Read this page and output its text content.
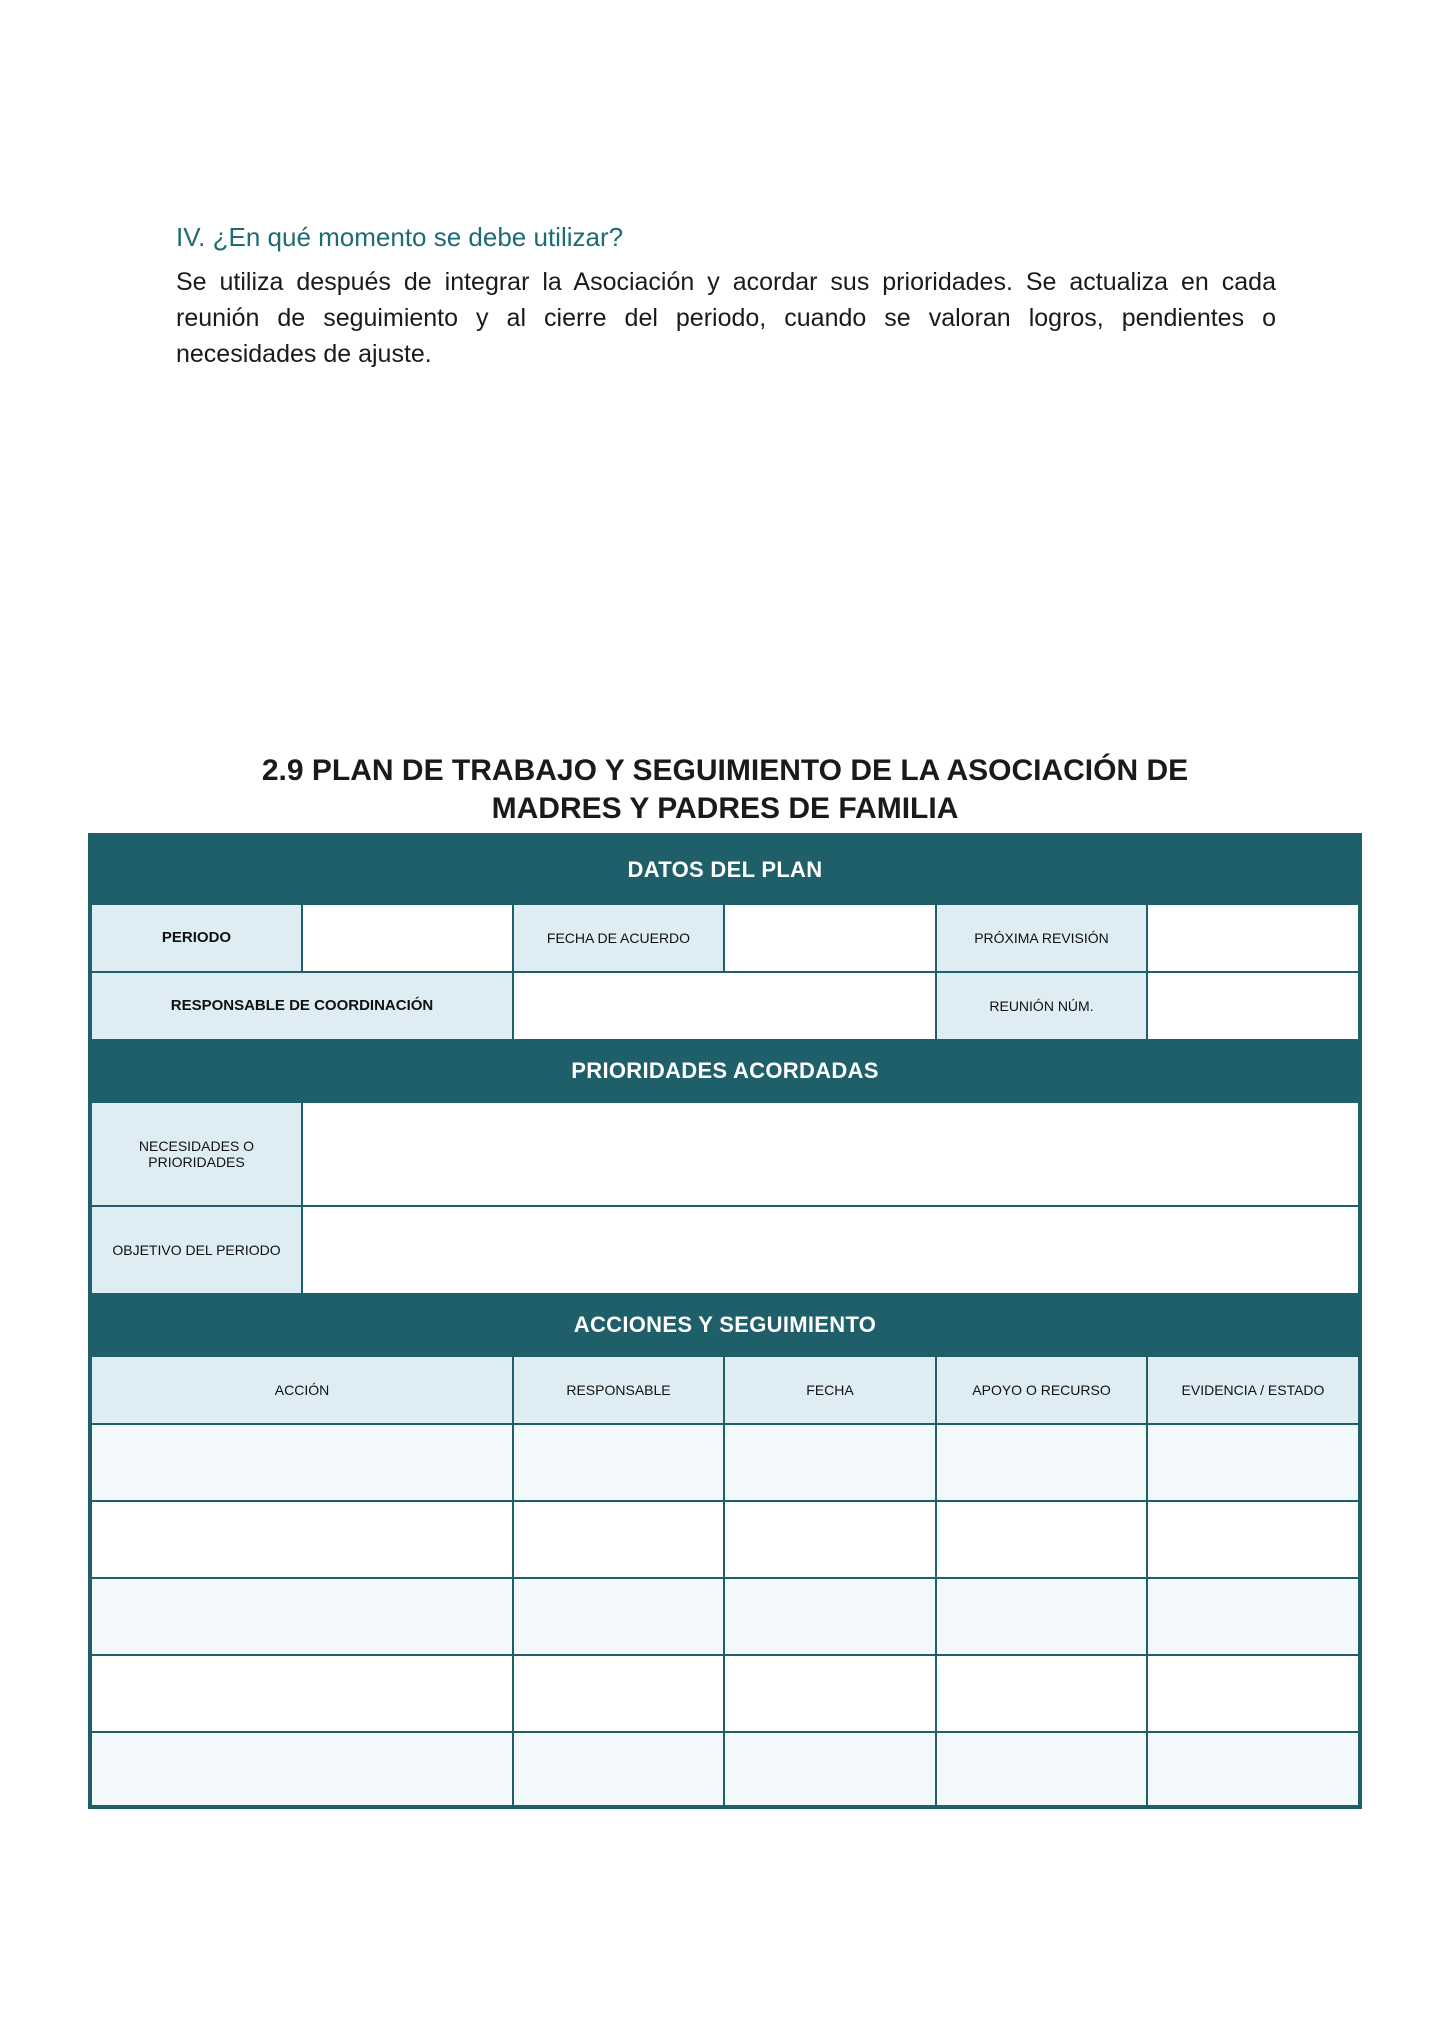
IV. ¿En qué momento se debe utilizar?
Se utiliza después de integrar la Asociación y acordar sus prioridades. Se actualiza en cada reunión de seguimiento y al cierre del periodo, cuando se valoran logros, pendientes o necesidades de ajuste.
2.9 PLAN DE TRABAJO Y SEGUIMIENTO DE LA ASOCIACIÓN DE
MADRES Y PADRES DE FAMILIA
DATOS DEL PLAN
PERIODO	FECHA DE ACUERDO	PRÓXIMA REVISIÓN
RESPONSABLE DE COORDINACIÓN	REUNIÓN NÚM.
PRIORIDADES ACORDADAS
NECESIDADES O PRIORIDADES
OBJETIVO DEL PERIODO
ACCIONES Y SEGUIMIENTO
ACCIÓN	RESPONSABLE	FECHA	APOYO O RECURSO	EVIDENCIA / ESTADO
